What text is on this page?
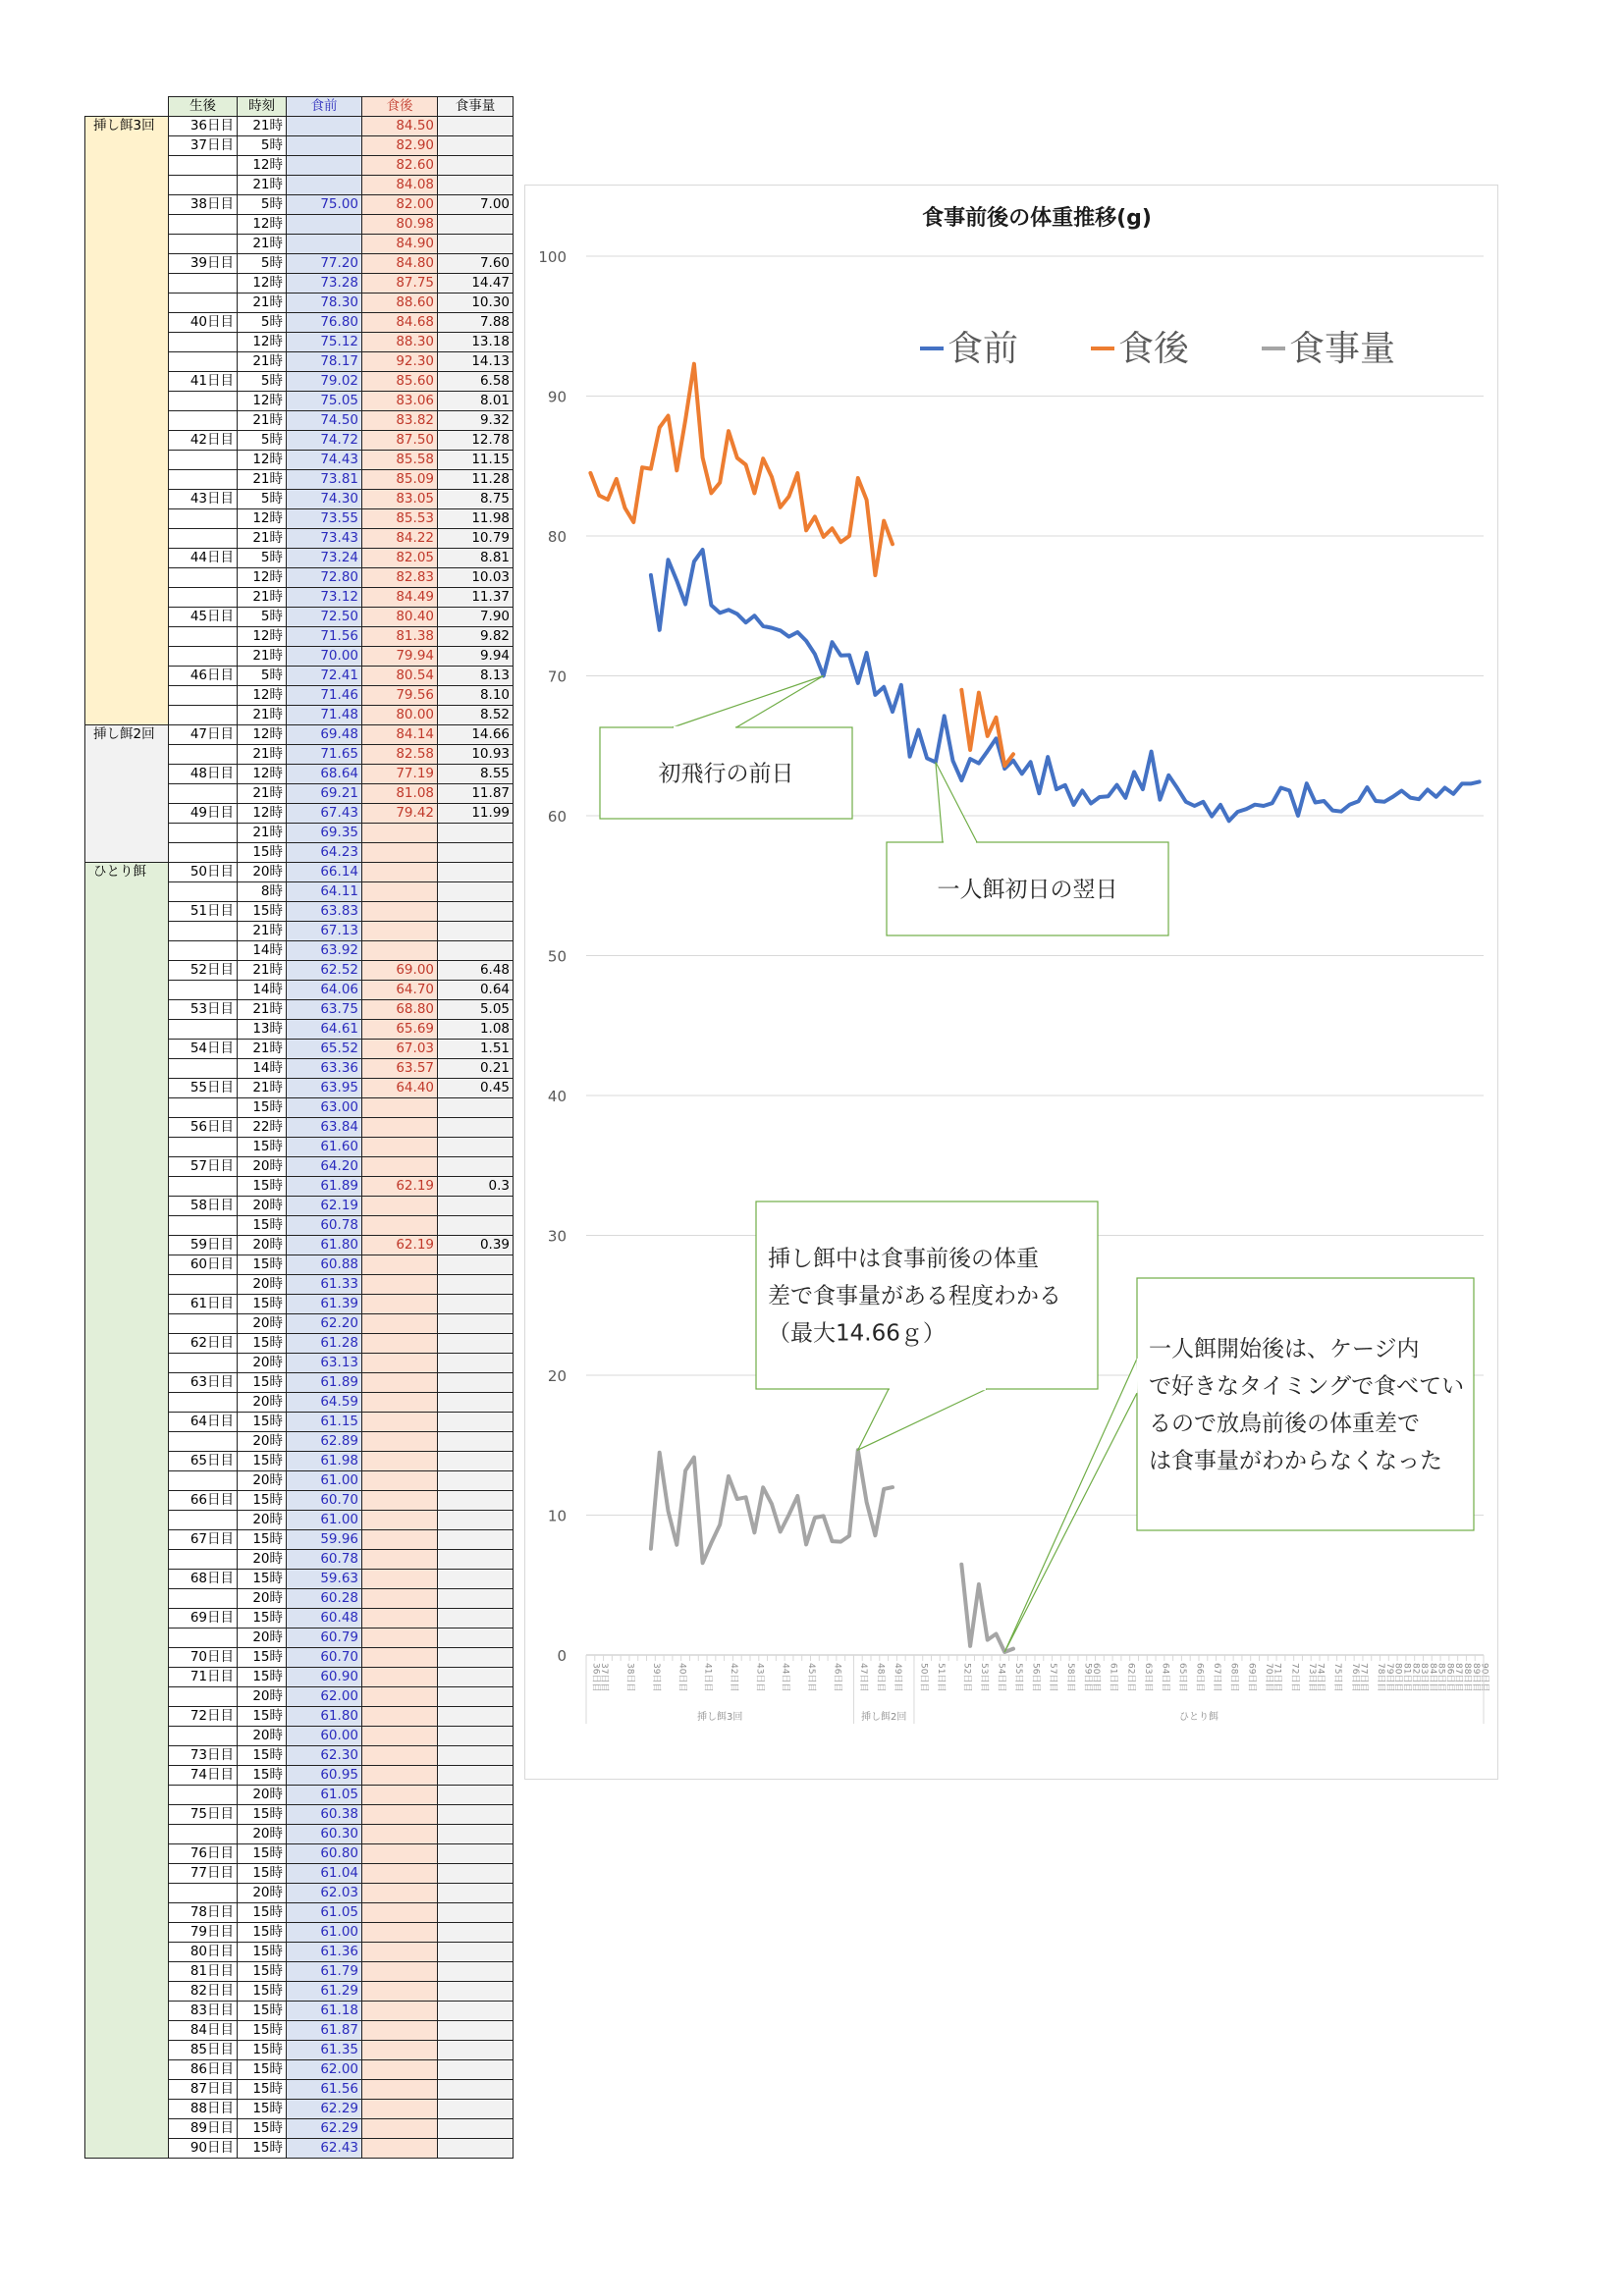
	生後	時刻	食前	食後	食事量
挿し餌3回	36日目	21時		84.50	
	37日目	5時		82.90	
		12時		82.60	
		21時		84.08	
	38日目	5時	75.00	82.00	7.00
		12時		80.98	
		21時		84.90	
	39日目	5時	77.20	84.80	7.60
		12時	73.28	87.75	14.47
		21時	78.30	88.60	10.30
	40日目	5時	76.80	84.68	7.88
		12時	75.12	88.30	13.18
		21時	78.17	92.30	14.13
	41日目	5時	79.02	85.60	6.58
		12時	75.05	83.06	8.01
		21時	74.50	83.82	9.32
	42日目	5時	74.72	87.50	12.78
		12時	74.43	85.58	11.15
		21時	73.81	85.09	11.28
	43日目	5時	74.30	83.05	8.75
		12時	73.55	85.53	11.98
		21時	73.43	84.22	10.79
	44日目	5時	73.24	82.05	8.81
		12時	72.80	82.83	10.03
		21時	73.12	84.49	11.37
	45日目	5時	72.50	80.40	7.90
		12時	71.56	81.38	9.82
		21時	70.00	79.94	9.94
	46日目	5時	72.41	80.54	8.13
		12時	71.46	79.56	8.10
		21時	71.48	80.00	8.52
挿し餌2回	47日目	12時	69.48	84.14	14.66
		21時	71.65	82.58	10.93
	48日目	12時	68.64	77.19	8.55
		21時	69.21	81.08	11.87
	49日目	12時	67.43	79.42	11.99
		21時	69.35		
		15時	64.23		
ひとり餌	50日目	20時	66.14		
		8時	64.11		
	51日目	15時	63.83		
		21時	67.13		
		14時	63.92		
	52日目	21時	62.52	69.00	6.48
		14時	64.06	64.70	0.64
	53日目	21時	63.75	68.80	5.05
		13時	64.61	65.69	1.08
	54日目	21時	65.52	67.03	1.51
		14時	63.36	63.57	0.21
	55日目	21時	63.95	64.40	0.45
		15時	63.00		
	56日目	22時	63.84		
		15時	61.60		
	57日目	20時	64.20		
		15時	61.89	62.19	0.3
	58日目	20時	62.19		
		15時	60.78		
	59日目	20時	61.80	62.19	0.39
	60日目	15時	60.88		
		20時	61.33		
	61日目	15時	61.39		
		20時	62.20		
	62日目	15時	61.28		
		20時	63.13		
	63日目	15時	61.89		
		20時	64.59		
	64日目	15時	61.15		
		20時	62.89		
	65日目	15時	61.98		
		20時	61.00		
	66日目	15時	60.70		
		20時	61.00		
	67日目	15時	59.96		
		20時	60.78		
	68日目	15時	59.63		
		20時	60.28		
	69日目	15時	60.48		
		20時	60.79		
	70日目	15時	60.70		
	71日目	15時	60.90		
		20時	62.00		
	72日目	15時	61.80		
		20時	60.00		
	73日目	15時	62.30		
	74日目	15時	60.95		
		20時	61.05		
	75日目	15時	60.38		
		20時	60.30		
	76日目	15時	60.80		
	77日目	15時	61.04		
		20時	62.03		
	78日目	15時	61.05		
	79日目	15時	61.00		
	80日目	15時	61.36		
	81日目	15時	61.79		
	82日目	15時	61.29		
	83日目	15時	61.18		
	84日目	15時	61.87		
	85日目	15時	61.35		
	86日目	15時	62.00		
	87日目	15時	61.56		
	88日目	15時	62.29		
	89日目	15時	62.29		
	90日目	15時	62.43		
0
10
20
30
40
50
60
70
80
90
100
食事前後の体重推移(g)
食前	食後	食事量
36日目
37日目 38日目 39日目 40日目 41日目 42日目 43日目 44日目 45日目 46日目 47日目 48日目 49日目 50日目 51日目 52日目 53日目 54日目 55日目 56日目 57日目 58日目 59日目
60日目 61日目 62日目 63日目 64日目 65日目 66日目 67日目 68日目 69日目 70日目
71日目 72日目 73日目
74日目 75日目 76日目
77日目 78日目
79日目
80日目
81日目
82日目
83日目
84日目
85日目
86日目
87日目
88日目
89日目
90日目
挿し餌3回	挿し餌2回	ひとり餌
初飛行の前日
一人餌初日の翌日
挿し餌中は食事前後の体重
差で食事量がある程度わかる
（最大14.66ｇ）
一人餌開始後は、ケージ内
で好きなタイミングで食べてい
るので放鳥前後の体重差で
は食事量がわからなくなった
